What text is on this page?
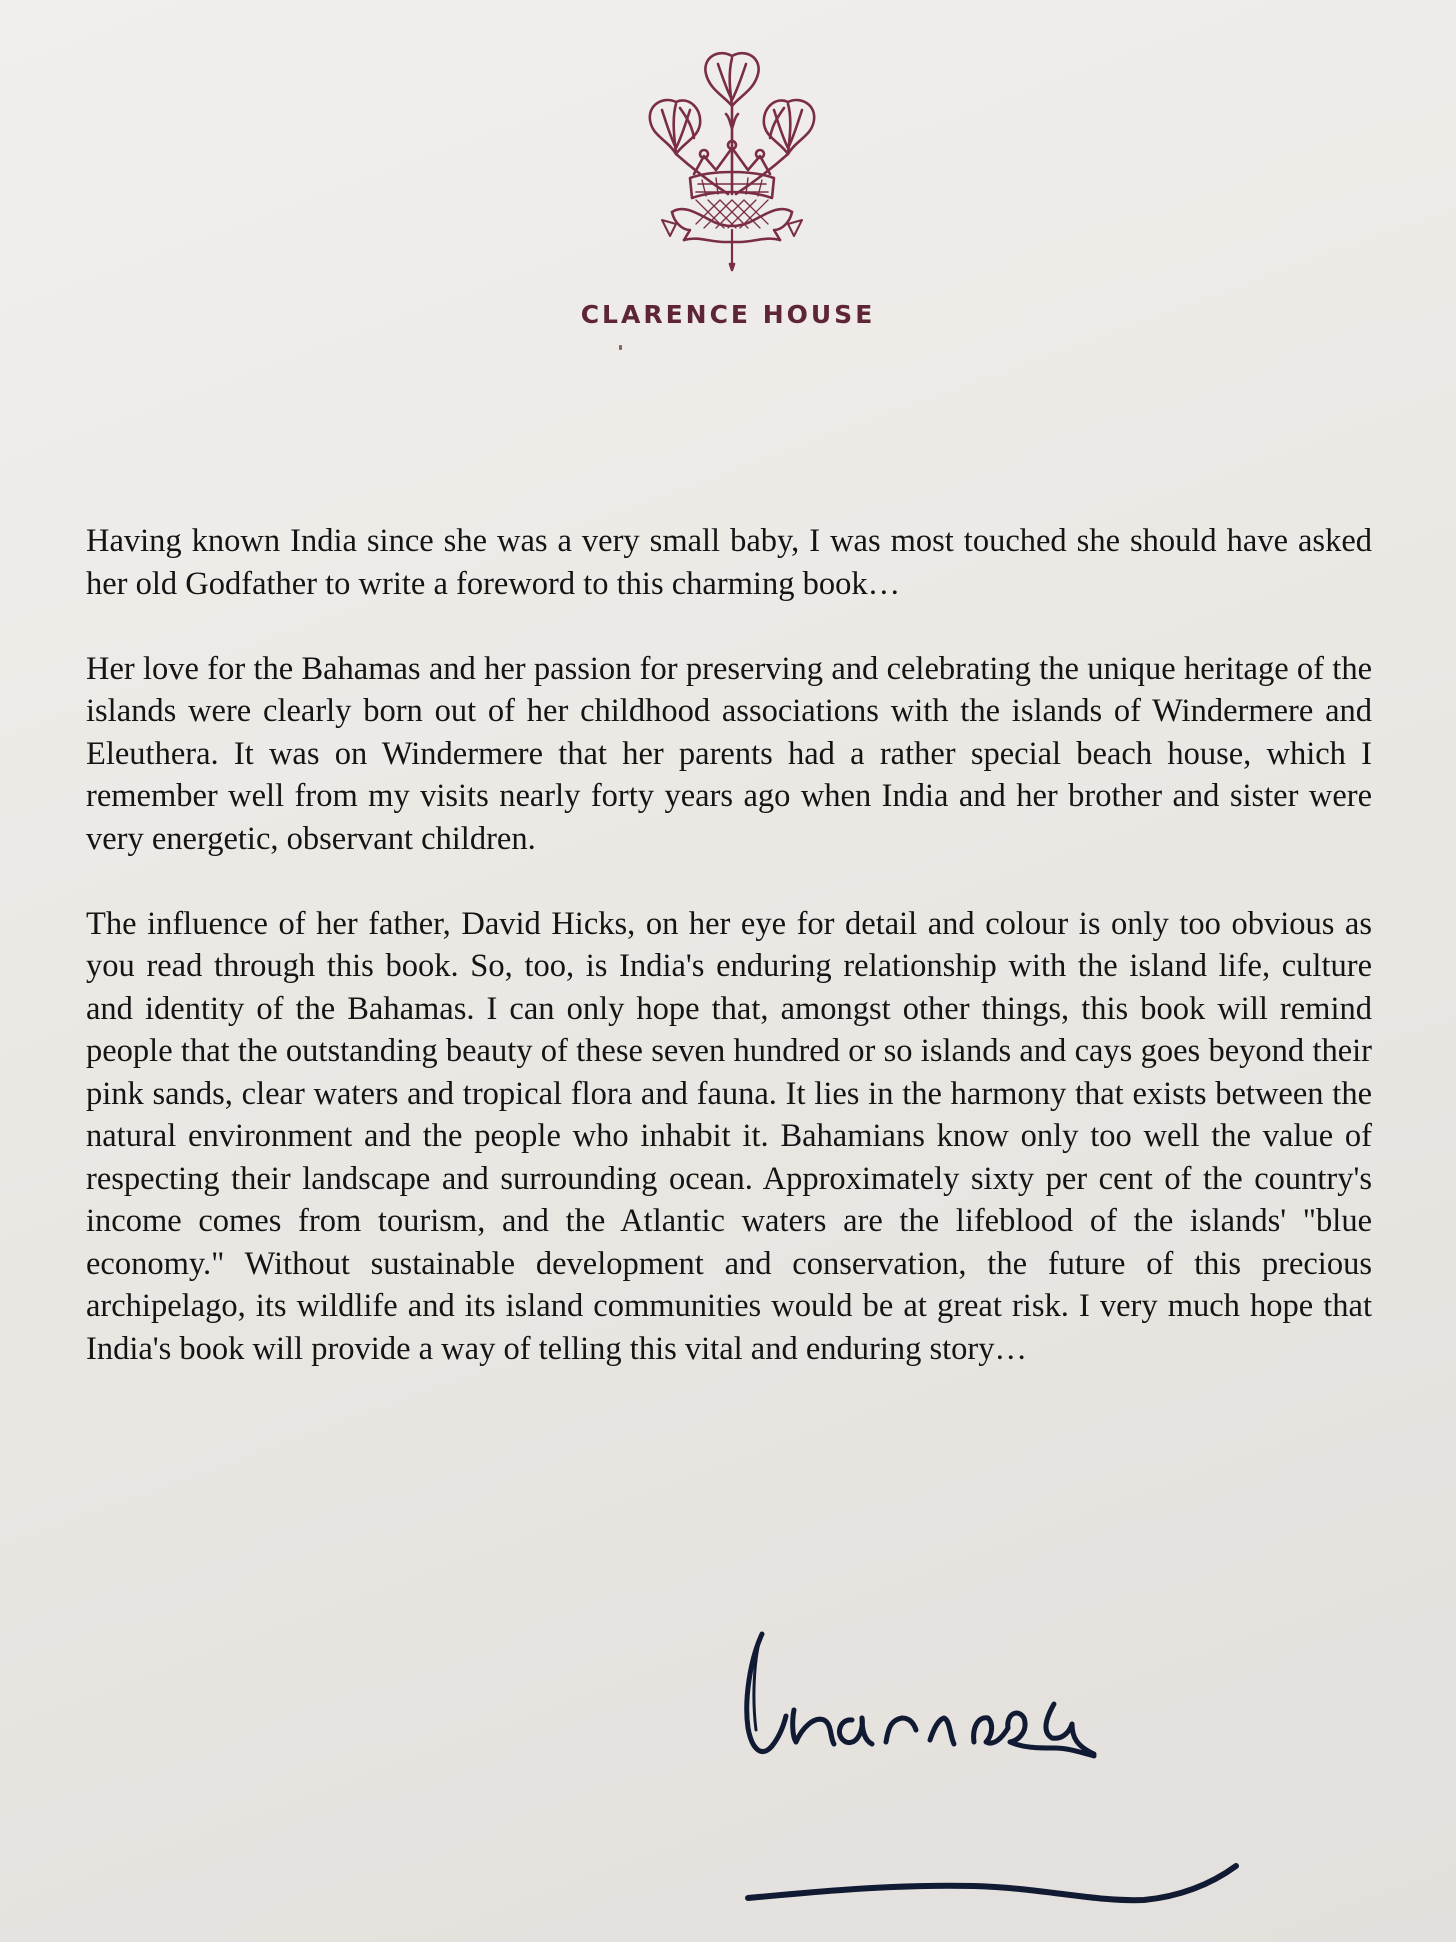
CLARENCE HOUSE

Having known India since she was a very small baby, I was most touched she should have asked her old Godfather to write a foreword to this charming book…

Her love for the Bahamas and her passion for preserving and celebrating the unique heritage of the islands were clearly born out of her childhood associations with the islands of Windermere and Eleuthera. It was on Windermere that her parents had a rather special beach house, which I remember well from my visits nearly forty years ago when India and her brother and sister were very energetic, observant children.

The influence of her father, David Hicks, on her eye for detail and colour is only too obvious as you read through this book. So, too, is India's enduring relationship with the island life, culture and identity of the Bahamas. I can only hope that, amongst other things, this book will remind people that the outstanding beauty of these seven hundred or so islands and cays goes beyond their pink sands, clear waters and tropical flora and fauna. It lies in the harmony that exists between the natural environment and the people who inhabit it. Bahamians know only too well the value of respecting their landscape and surrounding ocean. Approximately sixty per cent of the country's income comes from tourism, and the Atlantic waters are the lifeblood of the islands' "blue economy." Without sustainable development and conservation, the future of this precious archipelago, its wildlife and its island communities would be at great risk. I very much hope that India's book will provide a way of telling this vital and enduring story…
